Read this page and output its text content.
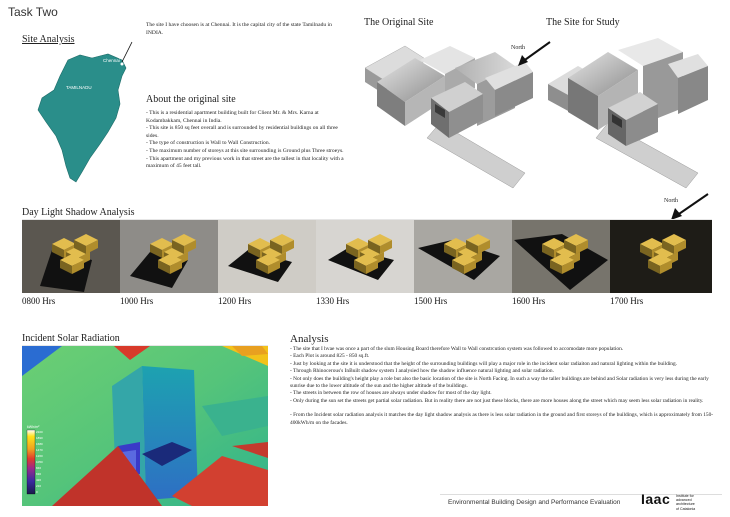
Task Two
Site Analysis
The site I have choosen is at Chennai. It is the capital city of the state Tamilnadu in INDIA.
Chennai
TAMILNADU
About the original site

- This is a residential apartment building built for Client Mr. & Mrs. Karna at Kodambakkam, Chennai in India.

- This site is 850 sq feet overall and is surrounded by residential buildings on all three sides.

- The type of construction is Wall to Wall Construction.

- The maximum number of storeys at this site surrounding is Ground plus Three stroeys.

- This apartment and my previous work in that street are the tallest in that locality with a maximum of 45 feet tall.

The Original Site
North
The Site for Study
North
Day Light Shadow Analysis
0800 Hrs	1000 Hrs	1200 Hrs	1330 Hrs	1500 Hrs	1600 Hrs	1700 Hrs
Incident Solar Radiation
kWh/m²
2100
1890
1680
1470
1260
1050
840
630
420
210
0
Analysis

- The site that I hvae was once a part of the slum Housing Board therefore Wall to Wall constrcution system was followed to accomodate more population.

- Each Plot is around 825 - 850 sq.ft.

- Just by looking at the site it is understood that the height of the surrounding buildings will play a major role in the incident solar radiaiton and natural lighting within the building.

- Through Rhinocerous's InBuilt shadow system I analysied how the shadow influence natural lighting and solar radiation.

- Not only does the building's height play a role but also the basic location of the site is North Facing. In such a way the taller buildings are behind and Solar radiation is very less during the early sunrise due to the lower altitude of the sun and the higher altitude of the buildings.

- The streets in between the row of houses are always under shadow for most of the day light.

- Only during the sun set the streets get partial solar radiation. But in reality there are not just these blocks, there are more houses along the street which may seem less solar radiation in reality.

- From the Incident solar radiation analysis it matches the day light shadow analysis as there is less solar radiation in the ground and first storeys of the buildings, which is approximately from 150- 400kWh/m on the facades.

Environmental Building Design and Performance Evaluation Iaac Institute for
advanced
architecture
of Catalonia
